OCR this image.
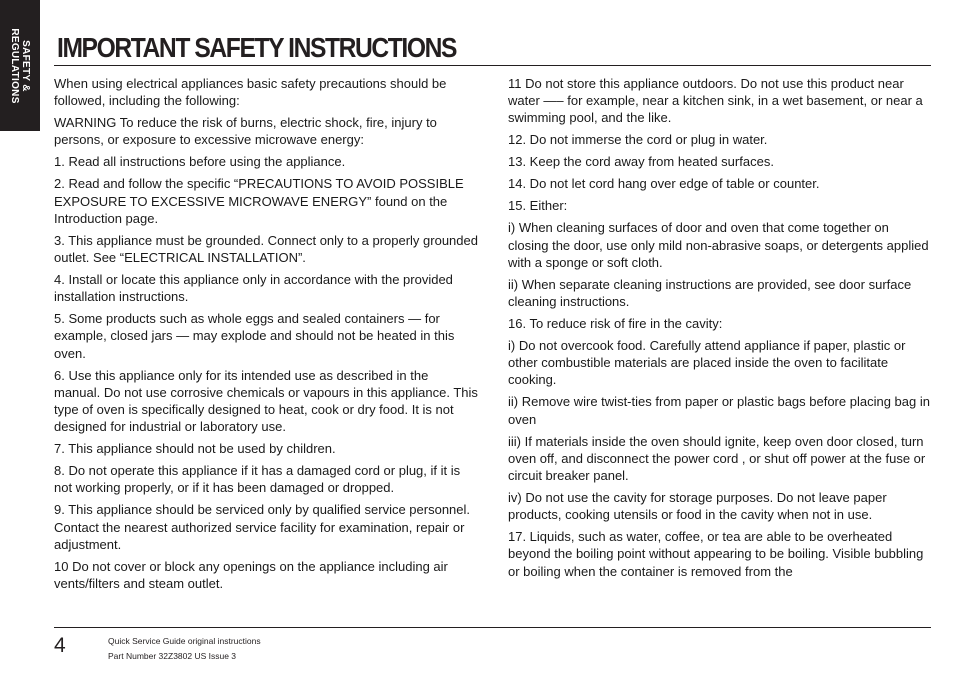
SAFETY &
REGULATIONS IMPORTANT SAFETY INSTRUCTIONS

When using electrical appliances basic safety precautions should be followed, including the following:

WARNING To reduce the risk of burns, electric shock, fire, injury to persons, or exposure to excessive microwave energy:

1. Read all instructions before using the appliance.

2. Read and follow the specific “PRECAUTIONS TO AVOID POSSIBLE EXPOSURE TO EXCESSIVE MICROWAVE ENERGY” found on the Introduction page.

3. This appliance must be grounded. Connect only to a properly grounded outlet. See “ELECTRICAL INSTALLATION”.

4. Install or locate this appliance only in accordance with the provided installation instructions.

5. Some products such as whole eggs and sealed containers — for example, closed jars — may explode and should not be heated in this oven.

6. Use this appliance only for its intended use as described in the manual. Do not use corrosive chemicals or vapours in this appliance. This type of oven is specifically designed to heat, cook or dry food. It is not designed for industrial or laboratory use.

7. This appliance should not be used by children.

8. Do not operate this appliance if it has a damaged cord or plug, if it is not working properly, or if it has been damaged or dropped.

9. This appliance should be serviced only by qualified service personnel. Contact the nearest authorized service facility for examination, repair or adjustment.

10 Do not cover or block any openings on the appliance including air vents/filters and steam outlet.

11 Do not store this appliance outdoors. Do not use this product near water —– for example, near a kitchen sink, in a wet basement, or near a swimming pool, and the like.

12. Do not immerse the cord or plug in water.

13. Keep the cord away from heated surfaces.

14. Do not let cord hang over edge of table or counter.

15. Either:

i) When cleaning surfaces of door and oven that come together on closing the door, use only mild non-abrasive soaps, or detergents applied with a sponge or soft cloth.

ii) When separate cleaning instructions are provided, see door surface cleaning instructions.

16. To reduce risk of fire in the cavity:

i) Do not overcook food. Carefully attend appliance if paper, plastic or other combustible materials are placed inside the oven to facilitate cooking.

ii) Remove wire twist-ties from paper or plastic bags before placing bag in oven

iii) If materials inside the oven should ignite, keep oven door closed, turn oven off, and disconnect the power cord , or shut off power at the fuse or circuit breaker panel.

iv) Do not use the cavity for storage purposes. Do not leave paper products, cooking utensils or food in the cavity when not in use.

17. Liquids, such as water, coffee, or tea are able to be overheated beyond the boiling point without appearing to be boiling. Visible bubbling or boiling when the container is removed from the

4	Quick Service Guide original instructions
Part Number 32Z3802 US Issue 3
